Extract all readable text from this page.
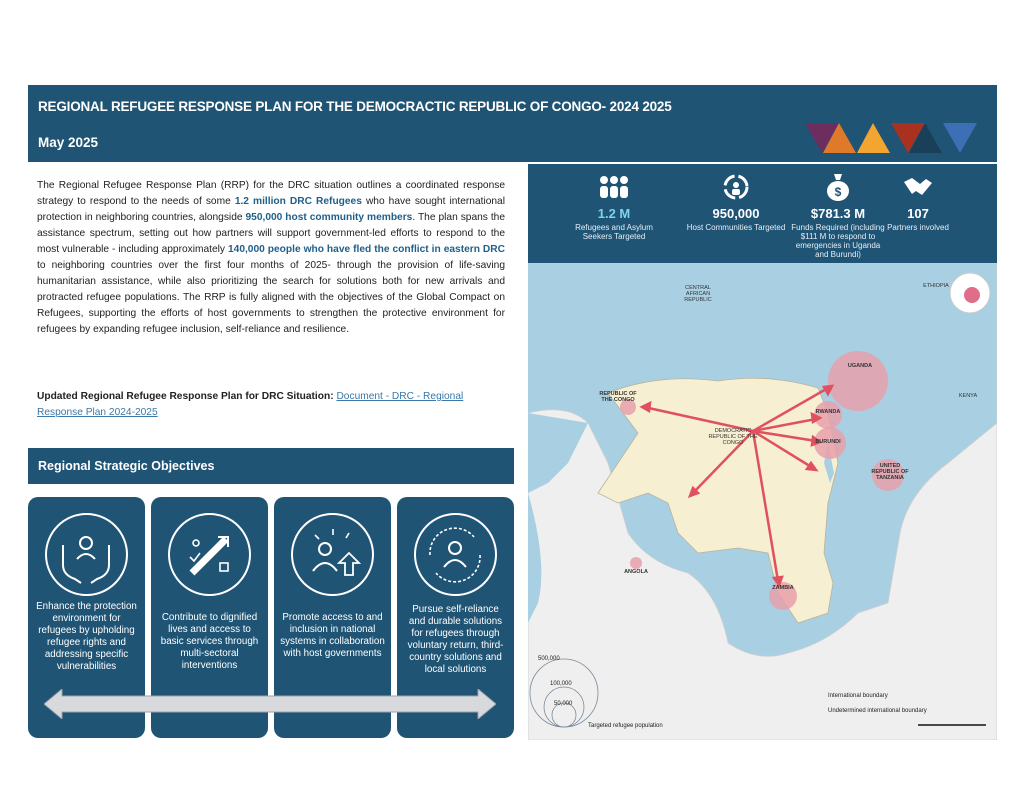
REGIONAL REFUGEE RESPONSE PLAN FOR THE DEMOCRACTIC REPUBLIC OF CONGO- 2024 2025
May 2025
The Regional Refugee Response Plan (RRP) for the DRC situation outlines a coordinated response strategy to respond to the needs of some 1.2 million DRC Refugees who have sought international protection in neighboring countries, alongside 950,000 host community members. The plan spans the assistance spectrum, setting out how partners will support government-led efforts to respond to the most vulnerable - including approximately 140,000 people who have fled the conflict in eastern DRC to neighboring countries over the first four months of 2025- through the provision of life-saving humanitarian assistance, while also prioritizing the search for solutions both for new arrivals and protracted refugee populations. The RRP is fully aligned with the objectives of the Global Compact on Refugees, supporting the efforts of host governments to strengthen the protective environment for refugees by expanding refugee inclusion, self-reliance and resilience.
Updated Regional Refugee Response Plan for DRC Situation: Document - DRC - Regional Response Plan 2024-2025
Regional Strategic Objectives
Enhance the protection environment for refugees by upholding refugee rights and addressing specific vulnerabilities
Contribute to dignified lives and access to basic services through multi-sectoral interventions
Promote access to and inclusion in national systems in collaboration with host governments
Pursue self-reliance and durable solutions for refugees through voluntary return, third-country solutions and local solutions
1.2 M
Refugees and Asylum Seekers Targeted
950,000
Host Communities Targeted
$
$781.3 M
Funds Required (including $111 M to respond to emergencies in Uganda and Burundi)
107
Partners involved
CENTRAL AFRICAN REPUBLIC
REPUBLIC OF THE CONGO
DEMOCRATIC REPUBLIC OF THE CONGO
UGANDA
RWANDA
BURUNDI
UNITED REPUBLIC OF TANZANIA
ANGOLA
ZAMBIA
ETHIOPIA
KENYA
500,000
100,000
50,000
Targeted refugee population
International boundary
Undetermined international boundary
